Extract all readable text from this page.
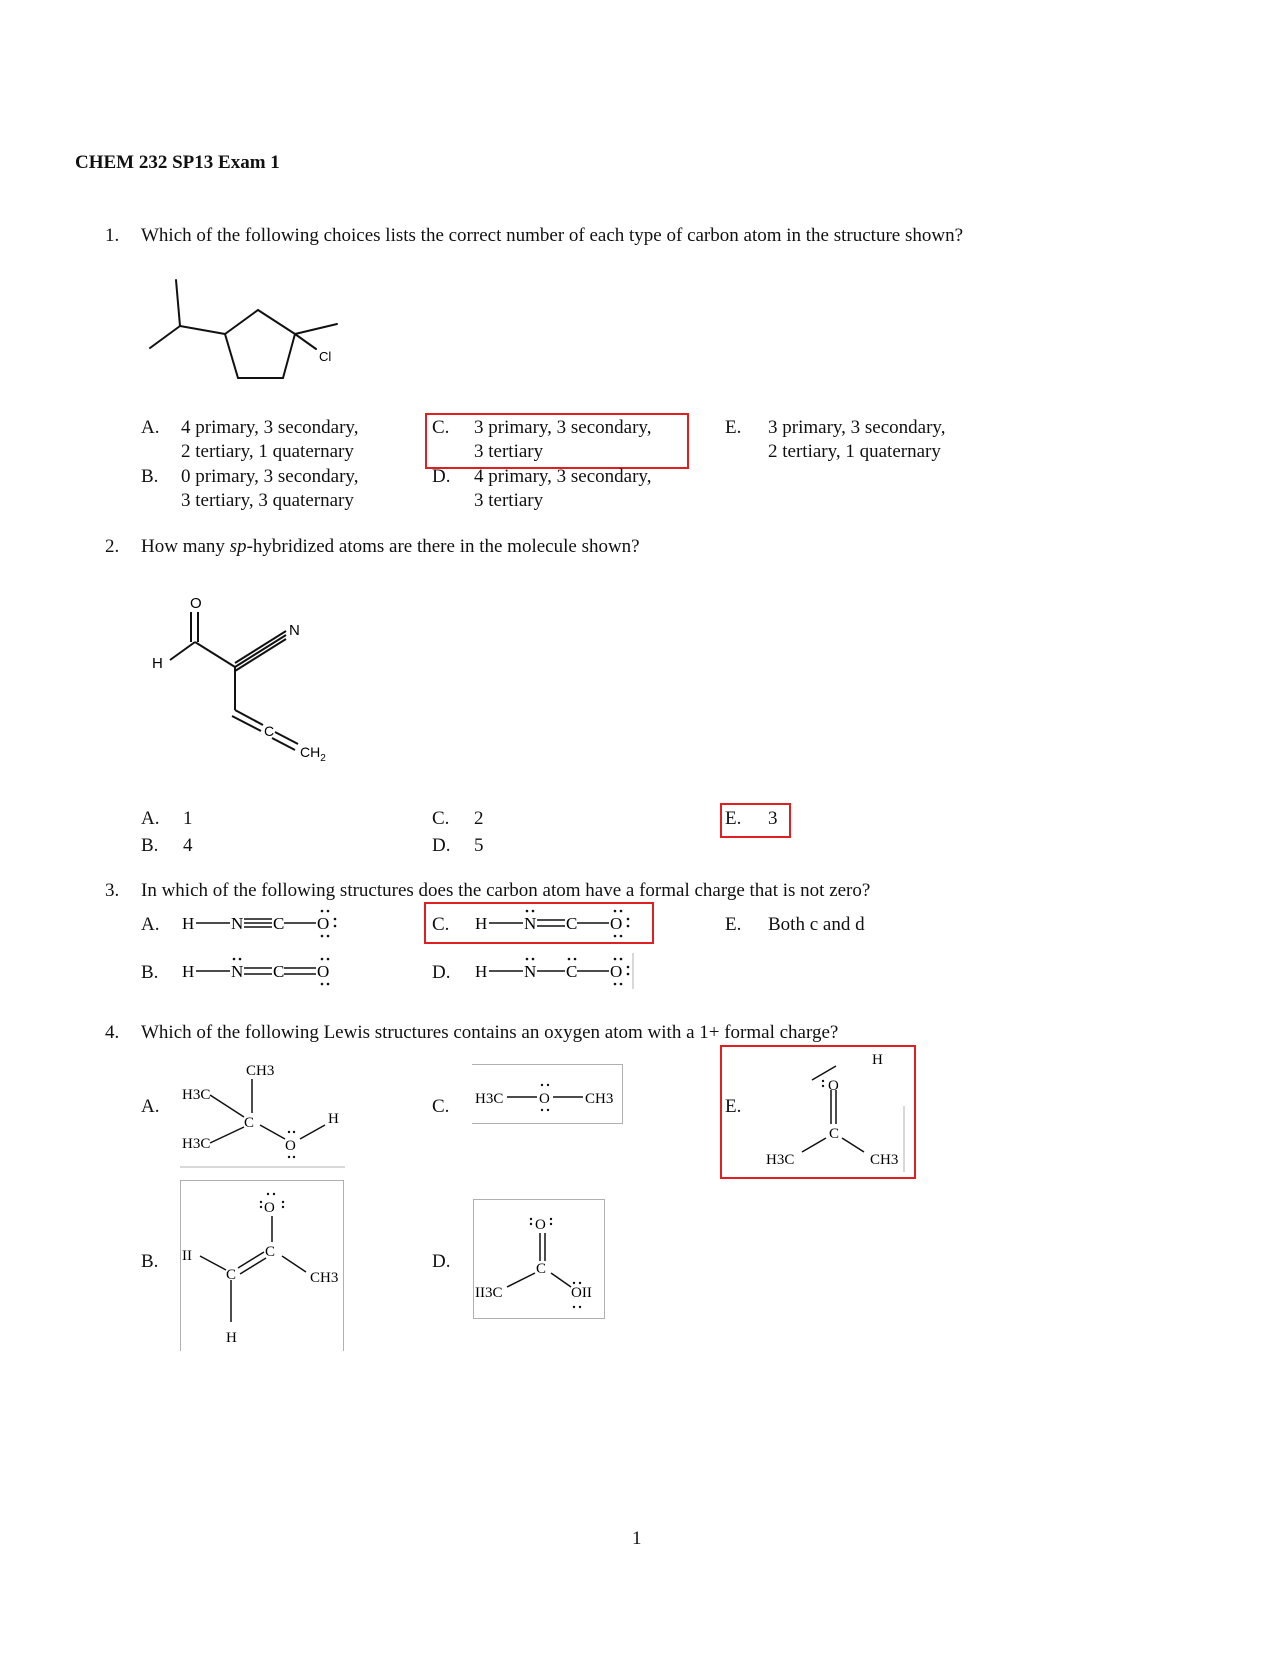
CHEM 232 SP13 Exam 1
1. Which of the following choices lists the correct number of each type of carbon atom in the structure shown?
Cl
A. 4 primary, 3 secondary,
2 tertiary, 1 quaternary
B. 0 primary, 3 secondary,
3 tertiary, 3 quaternary
C. 3 primary, 3 secondary,
3 tertiary
D. 4 primary, 3 secondary,
3 tertiary
E. 3 primary, 3 secondary,
2 tertiary, 1 quaternary
2. How many sp-hybridized atoms are there in the molecule shown?
O
H
N
C
$CH_2$
A. 1
B. 4
C. 2
D. 5
E. 3
3. In which of the following structures does the carbon atom have a formal charge that is not zero?
A. H N C O
B. H N C O
C. H N C O
D. H N C O
E. Both c and d
4. Which of the following Lewis structures contains an oxygen atom with a 1+ formal charge?
A.
CH3
H3C
C
H3C	O
H
B.
O
II	C
C	CH3
H
C. H3C O CH3
D.
O
C
II3C	OII
E.
H
O
C
H3C	CH3
1
